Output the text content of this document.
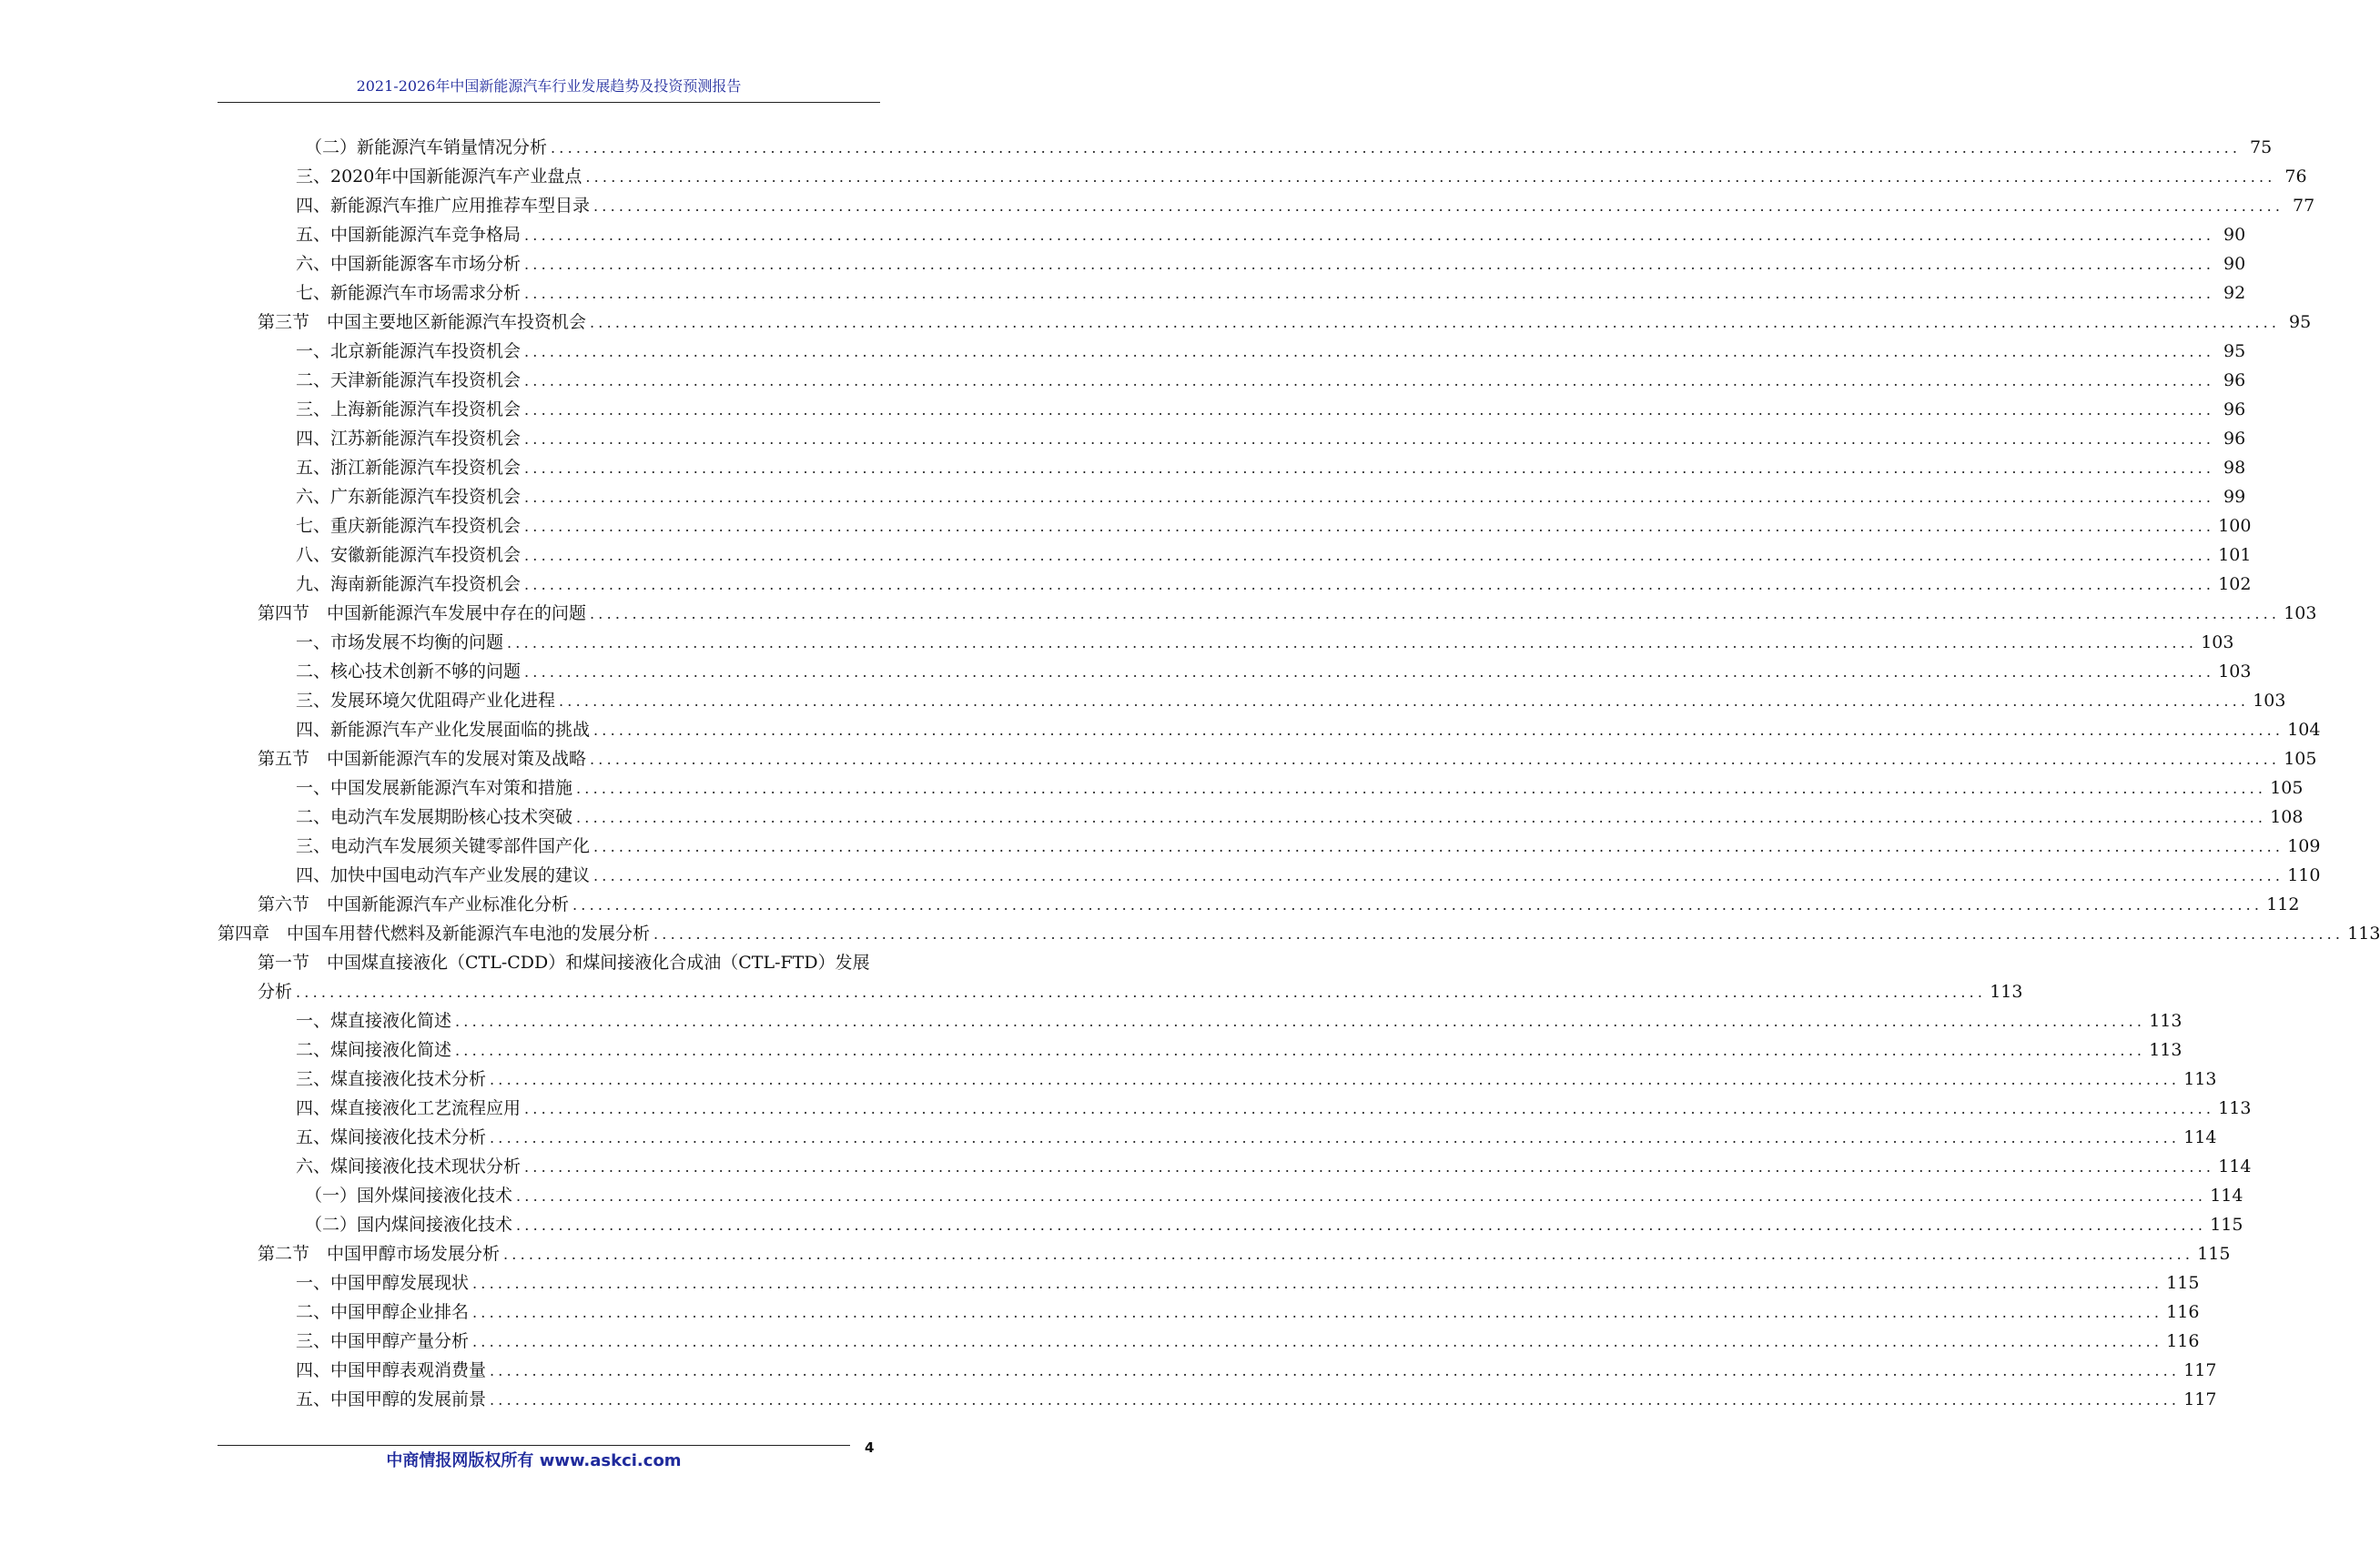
2021-2026年中国新能源汽车行业发展趋势及投资预测报告
（二）新能源汽车销量情况分析 ........................................................................................................................................................................................................ 75
三、2020年中国新能源汽车产业盘点 ........................................................................................................................................................................................................ 76
四、新能源汽车推广应用推荐车型目录 ........................................................................................................................................................................................................ 77
五、中国新能源汽车竞争格局 ........................................................................................................................................................................................................ 90
六、中国新能源客车市场分析 ........................................................................................................................................................................................................ 90
七、新能源汽车市场需求分析 ........................................................................................................................................................................................................ 92
第三节　中国主要地区新能源汽车投资机会 ........................................................................................................................................................................................................ 95
一、北京新能源汽车投资机会 ........................................................................................................................................................................................................ 95
二、天津新能源汽车投资机会 ........................................................................................................................................................................................................ 96
三、上海新能源汽车投资机会 ........................................................................................................................................................................................................ 96
四、江苏新能源汽车投资机会 ........................................................................................................................................................................................................ 96
五、浙江新能源汽车投资机会 ........................................................................................................................................................................................................ 98
六、广东新能源汽车投资机会 ........................................................................................................................................................................................................ 99
七、重庆新能源汽车投资机会 ........................................................................................................................................................................................................ 100
八、安徽新能源汽车投资机会 ........................................................................................................................................................................................................ 101
九、海南新能源汽车投资机会 ........................................................................................................................................................................................................ 102
第四节　中国新能源汽车发展中存在的问题 ........................................................................................................................................................................................................ 103
一、市场发展不均衡的问题 ........................................................................................................................................................................................................ 103
二、核心技术创新不够的问题 ........................................................................................................................................................................................................ 103
三、发展环境欠优阻碍产业化进程 ........................................................................................................................................................................................................ 103
四、新能源汽车产业化发展面临的挑战 ........................................................................................................................................................................................................ 104
第五节　中国新能源汽车的发展对策及战略 ........................................................................................................................................................................................................ 105
一、中国发展新能源汽车对策和措施 ........................................................................................................................................................................................................ 105
二、电动汽车发展期盼核心技术突破 ........................................................................................................................................................................................................ 108
三、电动汽车发展须关键零部件国产化 ........................................................................................................................................................................................................ 109
四、加快中国电动汽车产业发展的建议 ........................................................................................................................................................................................................ 110
第六节　中国新能源汽车产业标准化分析 ........................................................................................................................................................................................................ 112
第四章　中国车用替代燃料及新能源汽车电池的发展分析 ........................................................................................................................................................................................................ 113
第一节　中国煤直接液化（CTL-CDD）和煤间接液化合成油（CTL-FTD）发展
分析 ........................................................................................................................................................................................................ 113
一、煤直接液化简述 ........................................................................................................................................................................................................ 113
二、煤间接液化简述 ........................................................................................................................................................................................................ 113
三、煤直接液化技术分析 ........................................................................................................................................................................................................ 113
四、煤直接液化工艺流程应用 ........................................................................................................................................................................................................ 113
五、煤间接液化技术分析 ........................................................................................................................................................................................................ 114
六、煤间接液化技术现状分析 ........................................................................................................................................................................................................ 114
（一）国外煤间接液化技术 ........................................................................................................................................................................................................ 114
（二）国内煤间接液化技术 ........................................................................................................................................................................................................ 115
第二节　中国甲醇市场发展分析 ........................................................................................................................................................................................................ 115
一、中国甲醇发展现状 ........................................................................................................................................................................................................ 115
二、中国甲醇企业排名 ........................................................................................................................................................................................................ 116
三、中国甲醇产量分析 ........................................................................................................................................................................................................ 116
四、中国甲醇表观消费量 ........................................................................................................................................................................................................ 117
五、中国甲醇的发展前景 ........................................................................................................................................................................................................ 117
中商情报网版权所有 www.askci.com
4
